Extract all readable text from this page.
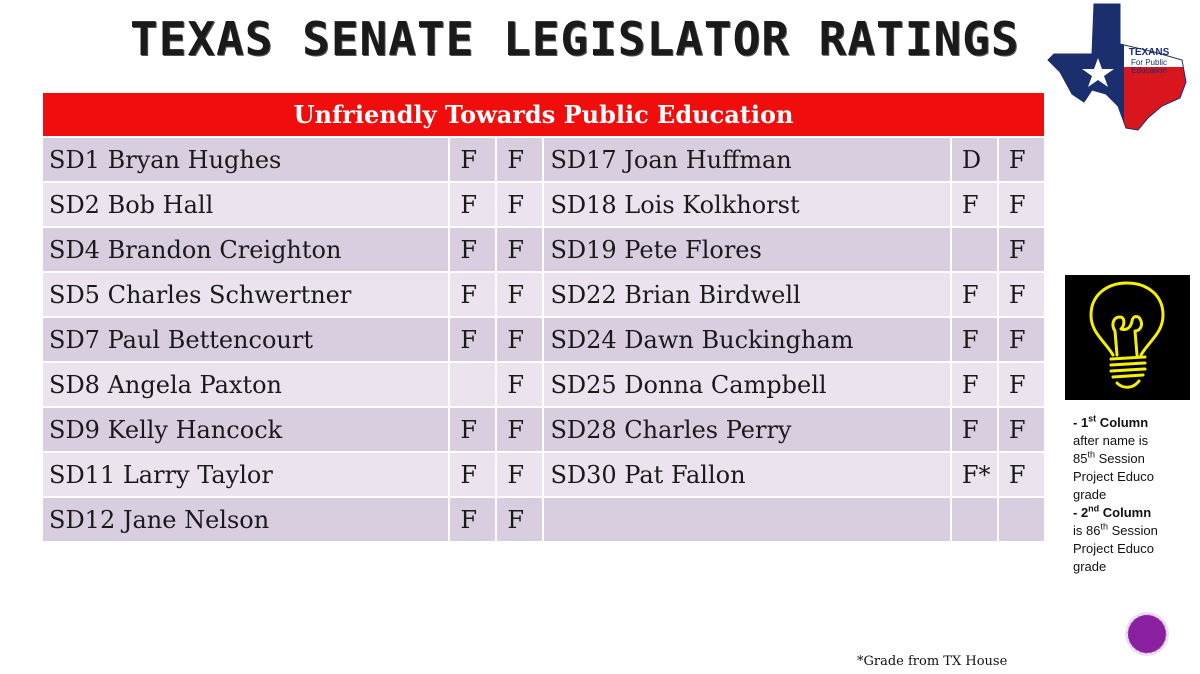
TEXAS SENATE LEGISLATOR RATINGS	TEXANS
For Public
Education
Unfriendly Towards Public Education					
SD1 Bryan Hughes	F	F	SD17 Joan Huffman	D	F
SD2 Bob Hall	F	F	SD18 Lois Kolkhorst	F	F
SD4 Brandon Creighton	F	F	SD19 Pete Flores		F
SD5 Charles Schwertner	F	F	SD22 Brian Birdwell	F	F
SD7 Paul Bettencourt	F	F	SD24 Dawn Buckingham	F	F
SD8 Angela Paxton		F	SD25 Donna Campbell	F	F
SD9 Kelly Hancock	F	F	SD28 Charles Perry	F	F
SD11 Larry Taylor	F	F	SD30 Pat Fallon	F*	F
SD12 Jane Nelson	F	F			
- 1st Column
after name is
85th Session
Project Educo
grade
- 2nd Column
is 86th Session
Project Educo
grade
*Grade from TX House
